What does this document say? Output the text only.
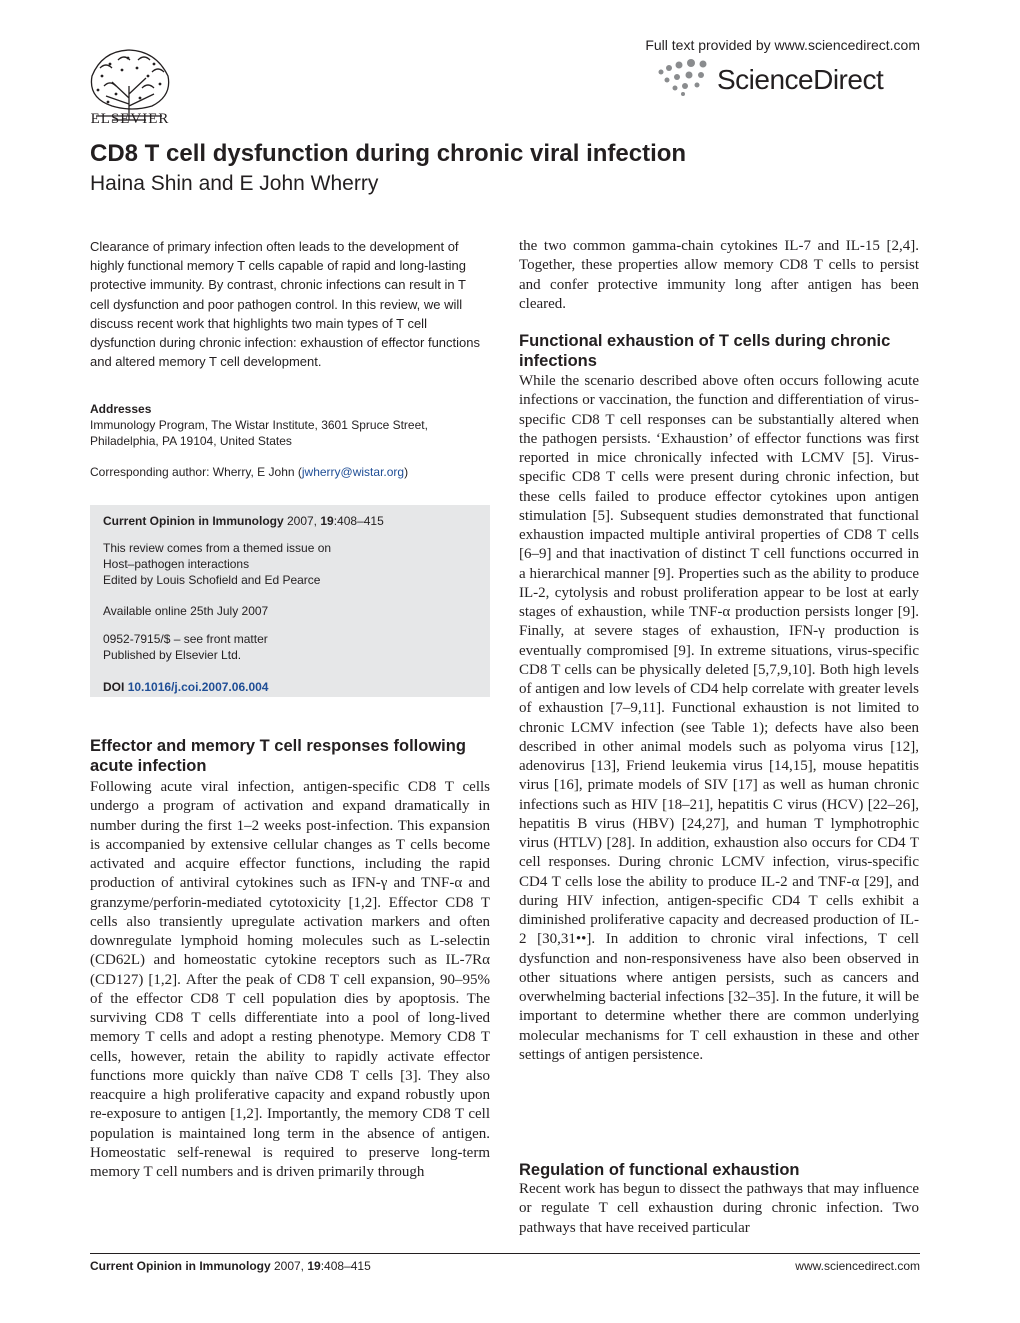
ELSEVIER
Full text provided by www.sciencedirect.com
ScienceDirect
CD8 T cell dysfunction during chronic viral infection
Haina Shin and E John Wherry
Clearance of primary infection often leads to the development of highly functional memory T cells capable of rapid and long-lasting protective immunity. By contrast, chronic infections can result in T cell dysfunction and poor pathogen control. In this review, we will discuss recent work that highlights two main types of T cell dysfunction during chronic infection: exhaustion of effector functions and altered memory T cell development.
Addresses
Immunology Program, The Wistar Institute, 3601 Spruce Street,
Philadelphia, PA 19104, United States
Corresponding author: Wherry, E John (jwherry@wistar.org)
Current Opinion in Immunology 2007, 19:408–415
This review comes from a themed issue on
Host–pathogen interactions
Edited by Louis Schofield and Ed Pearce
Available online 25th July 2007
0952-7915/$ – see front matter
Published by Elsevier Ltd.
DOI 10.1016/j.coi.2007.06.004
Effector and memory T cell responses following acute infection
Following acute viral infection, antigen-specific CD8 T cells undergo a program of activation and expand dramatically in number during the first 1–2 weeks post-infection. This expansion is accompanied by extensive cellular changes as T cells become activated and acquire effector functions, including the rapid production of antiviral cytokines such as IFN-γ and TNF-α and granzyme/perforin-mediated cytotoxicity [1,2]. Effector CD8 T cells also transiently upregulate activation markers and often downregulate lymphoid homing molecules such as L-selectin (CD62L) and homeostatic cytokine receptors such as IL-7Rα (CD127) [1,2]. After the peak of CD8 T cell expansion, 90–95% of the effector CD8 T cell population dies by apoptosis. The surviving CD8 T cells differentiate into a pool of long-lived memory T cells and adopt a resting phenotype. Memory CD8 T cells, however, retain the ability to rapidly activate effector functions more quickly than naïve CD8 T cells [3]. They also reacquire a high proliferative capacity and expand robustly upon re-exposure to antigen [1,2]. Importantly, the memory CD8 T cell population is maintained long term in the absence of antigen. Homeostatic self-renewal is required to preserve long-term memory T cell numbers and is driven primarily through
the two common gamma-chain cytokines IL-7 and IL-15 [2,4]. Together, these properties allow memory CD8 T cells to persist and confer protective immunity long after antigen has been cleared.
Functional exhaustion of T cells during chronic infections
While the scenario described above often occurs following acute infections or vaccination, the function and differentiation of virus-specific CD8 T cell responses can be substantially altered when the pathogen persists. ‘Exhaustion’ of effector functions was first reported in mice chronically infected with LCMV [5]. Virus-specific CD8 T cells were present during chronic infection, but these cells failed to produce effector cytokines upon antigen stimulation [5]. Subsequent studies demonstrated that functional exhaustion impacted multiple antiviral properties of CD8 T cells [6–9] and that inactivation of distinct T cell functions occurred in a hierarchical manner [9]. Properties such as the ability to produce IL-2, cytolysis and robust proliferation appear to be lost at early stages of exhaustion, while TNF-α production persists longer [9]. Finally, at severe stages of exhaustion, IFN-γ production is eventually compromised [9]. In extreme situations, virus-specific CD8 T cells can be physically deleted [5,7,9,10]. Both high levels of antigen and low levels of CD4 help correlate with greater levels of exhaustion [7–9,11]. Functional exhaustion is not limited to chronic LCMV infection (see Table 1); defects have also been described in other animal models such as polyoma virus [12], adenovirus [13], Friend leukemia virus [14,15], mouse hepatitis virus [16], primate models of SIV [17] as well as human chronic infections such as HIV [18–21], hepatitis C virus (HCV) [22–26], hepatitis B virus (HBV) [24,27], and human T lymphotrophic virus (HTLV) [28]. In addition, exhaustion also occurs for CD4 T cell responses. During chronic LCMV infection, virus-specific CD4 T cells lose the ability to produce IL-2 and TNF-α [29], and during HIV infection, antigen-specific CD4 T cells exhibit a diminished proliferative capacity and decreased production of IL-2 [30,31••]. In addition to chronic viral infections, T cell dysfunction and non-responsiveness have also been observed in other situations where antigen persists, such as cancers and overwhelming bacterial infections [32–35]. In the future, it will be important to determine whether there are common underlying molecular mechanisms for T cell exhaustion in these and other settings of antigen persistence.
Regulation of functional exhaustion
Recent work has begun to dissect the pathways that may influence or regulate T cell exhaustion during chronic infection. Two pathways that have received particular
Current Opinion in Immunology 2007, 19:408–415	www.sciencedirect.com
